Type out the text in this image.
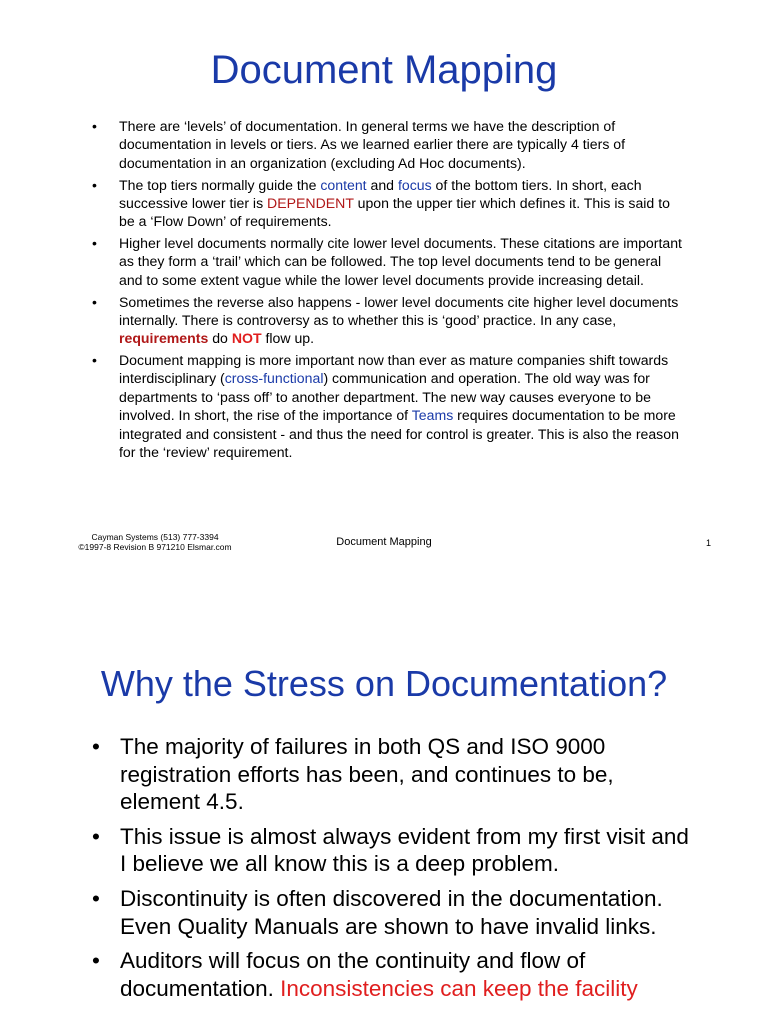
Document Mapping
• There are ‘levels’ of documentation. In general terms we have the description of documentation in levels or tiers. As we learned earlier there are typically 4 tiers of documentation in an organization (excluding Ad Hoc documents).
• The top tiers normally guide the content and focus of the bottom tiers. In short, each successive lower tier is DEPENDENT upon the upper tier which defines it. This is said to be a ‘Flow Down’ of requirements.
• Higher level documents normally cite lower level documents. These citations are important as they form a ‘trail’ which can be followed. The top level documents tend to be general and to some extent vague while the lower level documents provide increasing detail.
• Sometimes the reverse also happens - lower level documents cite higher level documents internally. There is controversy as to whether this is ‘good’ practice. In any case, requirements do NOT flow up.
• Document mapping is more important now than ever as mature companies shift towards interdisciplinary (cross-functional) communication and operation. The old way was for departments to ‘pass off’ to another department. The new way causes everyone to be involved. In short, the rise of the importance of Teams requires documentation to be more integrated and consistent - and thus the need for control is greater. This is also the reason for the ‘review’ requirement.
Cayman Systems (513) 777-3394
©1997-8 Revision B 971210 Elsmar.com	Document Mapping	1
Why the Stress on Documentation?
• The majority of failures in both QS and ISO 9000 registration efforts has been, and continues to be, element 4.5.
• This issue is almost always evident from my first visit and I believe we all know this is a deep problem.
• Discontinuity is often discovered in the documentation. Even Quality Manuals are shown to have invalid links.
• Auditors will focus on the continuity and flow of documentation. Inconsistencies can keep the facility
